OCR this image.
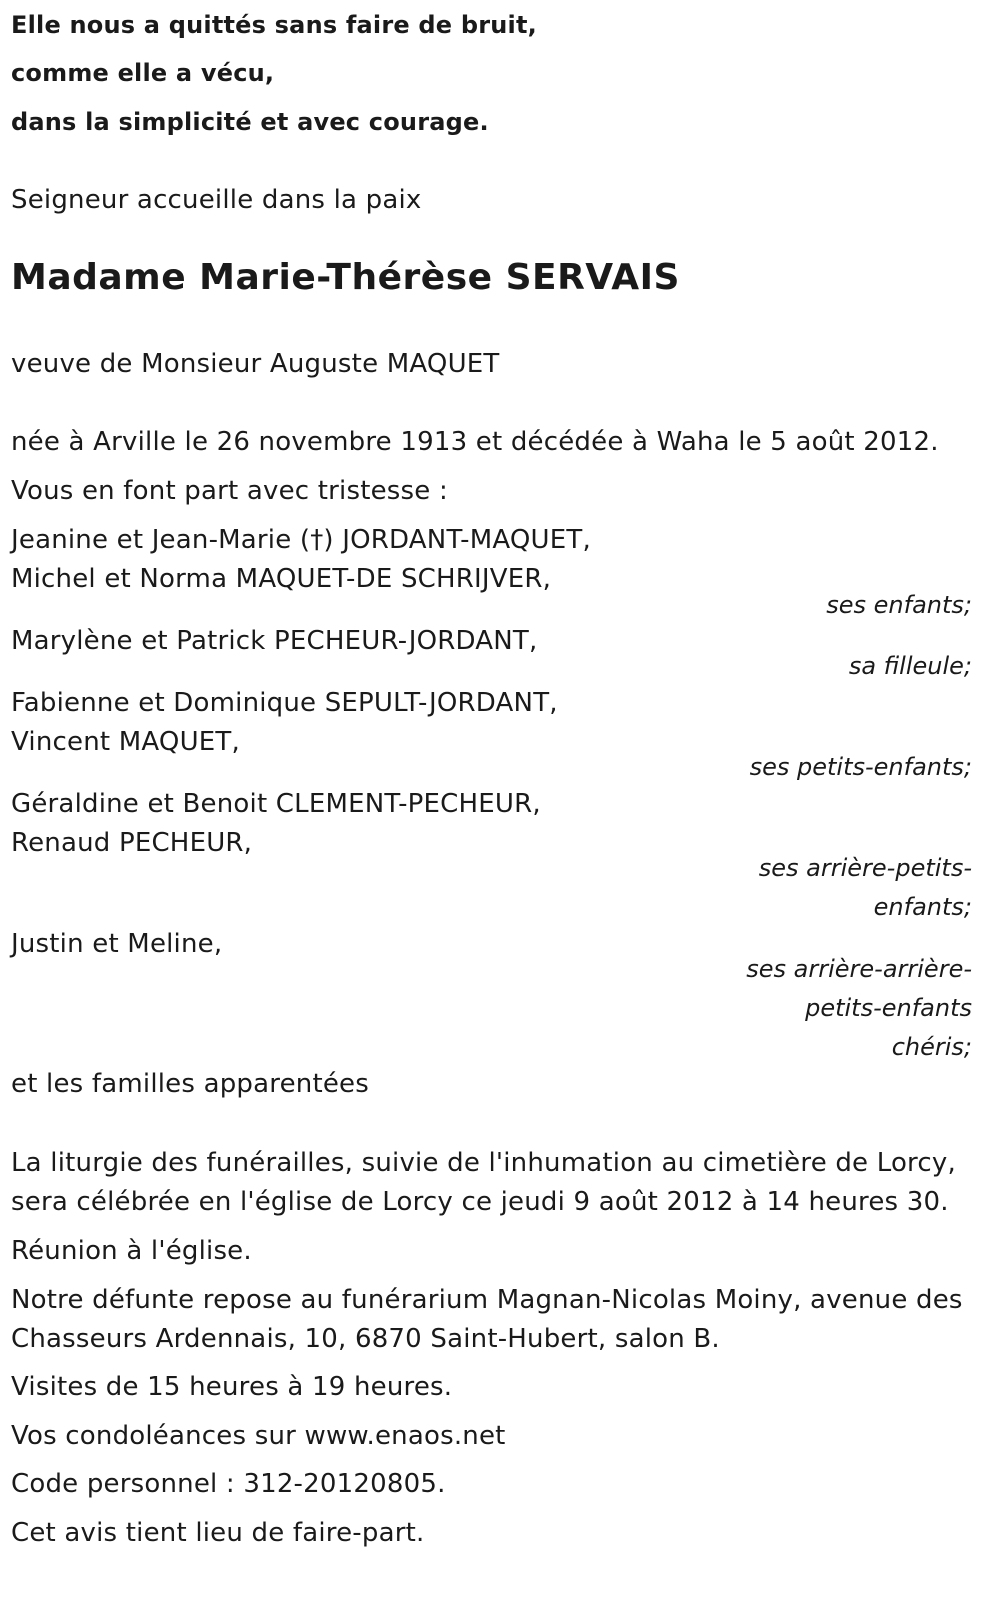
Elle nous a quittés sans faire de bruit,
comme elle a vécu,
dans la simplicité et avec courage.
Seigneur accueille dans la paix
Madame Marie-Thérèse SERVAIS
veuve de Monsieur Auguste MAQUET
née à Arville le 26 novembre 1913 et décédée à Waha le 5 août 2012.
Vous en font part avec tristesse :
Jeanine et Jean-Marie (†) JORDANT-MAQUET,
Michel et Norma MAQUET-DE SCHRIJVER,
ses enfants;
Marylène et Patrick PECHEUR-JORDANT,
sa filleule;
Fabienne et Dominique SEPULT-JORDANT,
Vincent MAQUET,
ses petits-enfants;
Géraldine et Benoit CLEMENT-PECHEUR,
Renaud PECHEUR,
ses arrière-petits-enfants;
Justin et Meline,
ses arrière-arrière-petits-enfants chéris;
et les familles apparentées
La liturgie des funérailles, suivie de l'inhumation au cimetière de Lorcy,
sera célébrée en l'église de Lorcy ce jeudi 9 août 2012 à 14 heures 30.
Réunion à l'église.
Notre défunte repose au funérarium Magnan-Nicolas Moiny, avenue des
Chasseurs Ardennais, 10, 6870 Saint-Hubert, salon B.
Visites de 15 heures à 19 heures.
Vos condoléances sur www.enaos.net
Code personnel : 312-20120805.
Cet avis tient lieu de faire-part.
